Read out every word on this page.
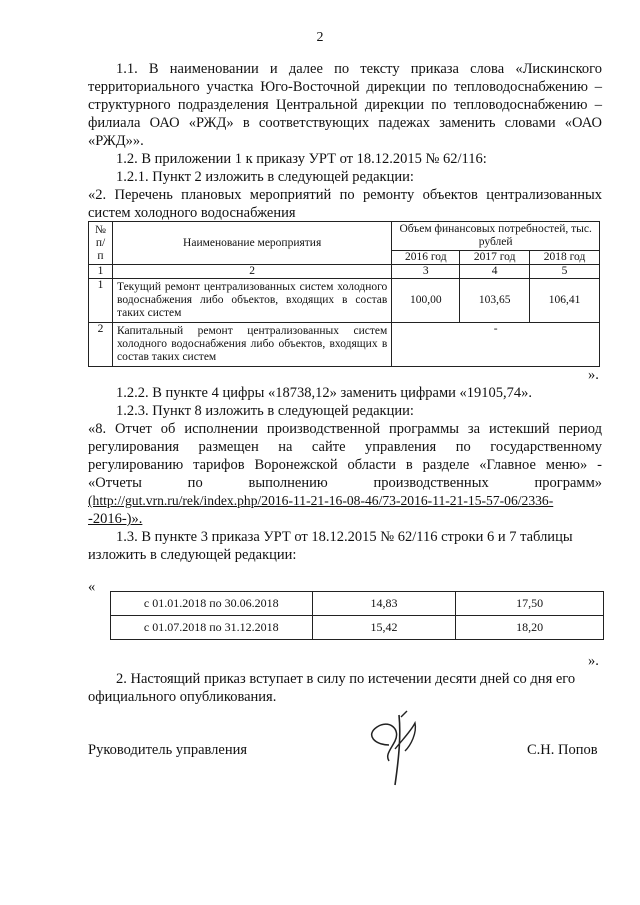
2
1.1. В наименовании и далее по тексту приказа слова «Лискинского территориального участка Юго-Восточной дирекции по тепловодоснабжению – структурного подразделения Центральной дирекции по тепловодоснабжению – филиала ОАО «РЖД» в соответствующих падежах заменить словами «ОАО «РЖД»».
1.2. В приложении 1 к приказу УРТ от 18.12.2015 № 62/116:
1.2.1. Пункт 2 изложить в следующей редакции:
«2. Перечень плановых мероприятий по ремонту объектов централизованных
систем холодного водоснабжения
№ п/п	Наименование мероприятия	Объем финансовых потребностей, тыс. рублей		
		2016 год	2017 год	2018 год
1	2	3	4	5
1	Текущий ремонт централизованных систем холодного водоснабжения либо объектов, входящих в состав таких систем	100,00	103,65	106,41
2	Капитальный ремонт централизованных систем холодного водоснабжения либо объектов, входящих в состав таких систем	-		
».
1.2.2. В пункте 4 цифры «18738,12» заменить цифрами «19105,74».
1.2.3. Пункт 8 изложить в следующей редакции:
«8. Отчет об исполнении производственной программы за истекший период
регулирования размещен на сайте управления по государственному
регулированию тарифов Воронежской области в разделе «Главное меню» -
«Отчеты по выполнению производственных программ»
(http://gut.vrn.ru/rek/index.php/2016-11-21-16-08-46/73-2016-11-21-15-57-06/2336-
-2016-)».
1.3. В пункте 3 приказа УРТ от 18.12.2015 № 62/116 строки 6 и 7 таблицы
изложить в следующей редакции:
«
с 01.01.2018 по 30.06.2018	14,83	17,50
с 01.07.2018 по 31.12.2018	15,42	18,20
».
2. Настоящий приказ вступает в силу по истечении десяти дней со дня его
официального опубликования.
Руководитель управления	С.Н. Попов
